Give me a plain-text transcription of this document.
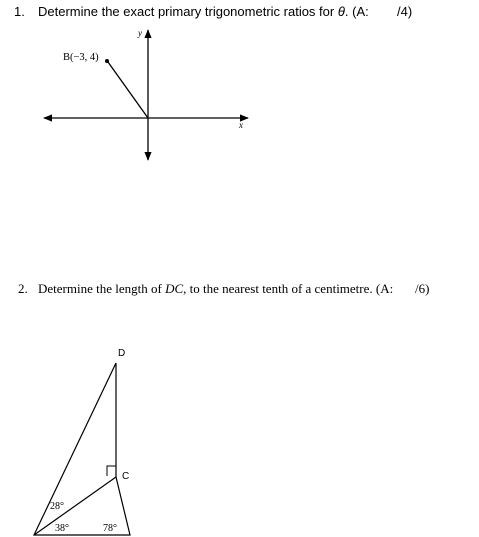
1. Determine the exact primary trigonometric ratios for θ. (A: /4)
B(−3, 4)
y
x
D
C
28°
38°	78°
2. Determine the length of DC, to the nearest tenth of a centimetre. (A: /6)
